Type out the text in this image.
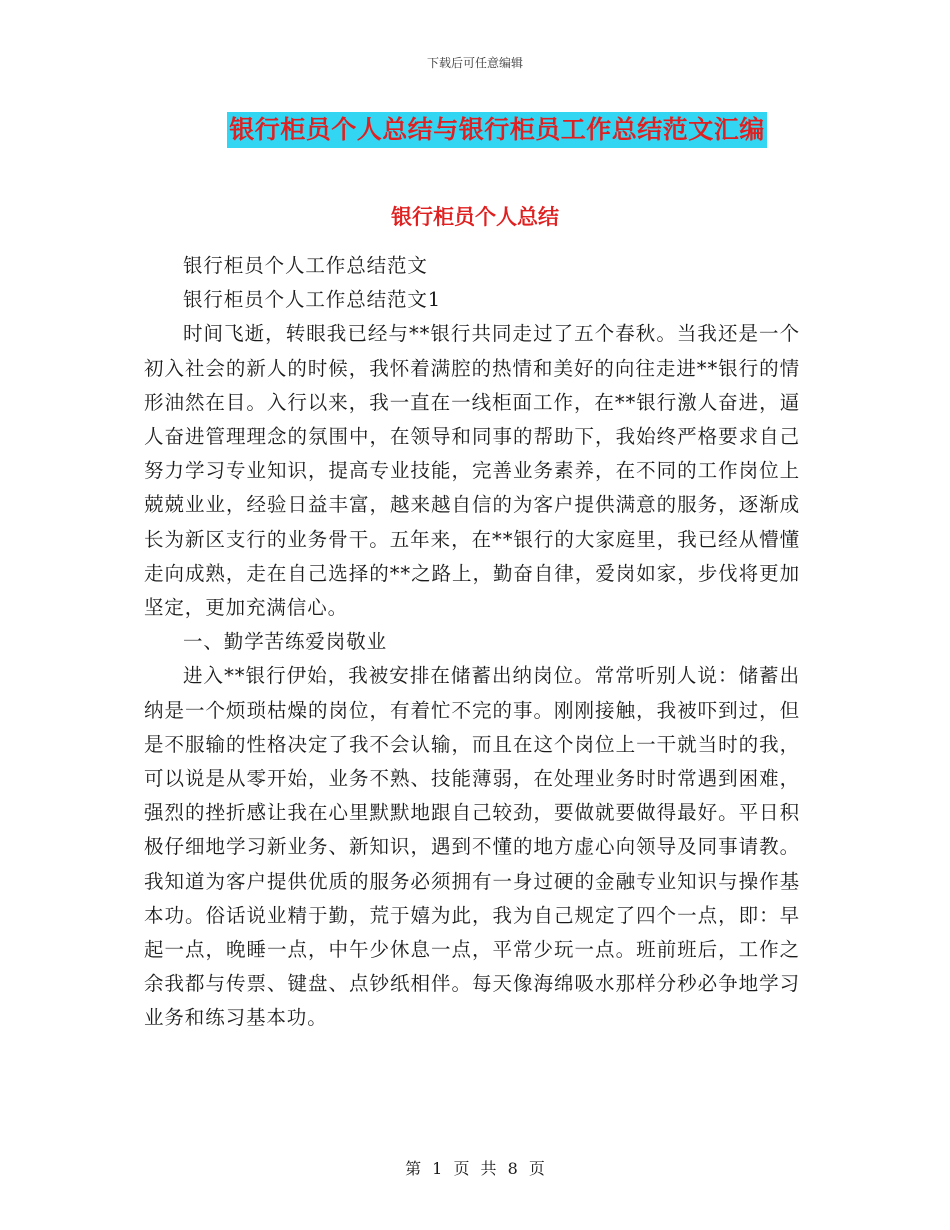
下载后可任意编辑
银行柜员个人总结与银行柜员工作总结范文汇编
银行柜员个人总结

银行柜员个人工作总结范文

银行柜员个人工作总结范文1

时间飞逝，转眼我已经与**银行共同走过了五个春秋。当我还是一个初入社会的新人的时候，我怀着满腔的热情和美好的向往走进**银行的情形油然在目。入行以来，我一直在一线柜面工作，在**银行激人奋进，逼人奋进管理理念的氛围中，在领导和同事的帮助下，我始终严格要求自己努力学习专业知识，提高专业技能，完善业务素养，在不同的工作岗位上兢兢业业，经验日益丰富，越来越自信的为客户提供满意的服务，逐渐成长为新区支行的业务骨干。五年来，在**银行的大家庭里，我已经从懵懂走向成熟，走在自己选择的**之路上，勤奋自律，爱岗如家，步伐将更加坚定，更加充满信心。

一、勤学苦练爱岗敬业

进入**银行伊始，我被安排在储蓄出纳岗位。常常听别人说：储蓄出纳是一个烦琐枯燥的岗位，有着忙不完的事。刚刚接触，我被吓到过，但是不服输的性格决定了我不会认输，而且在这个岗位上一干就当时的我，可以说是从零开始，业务不熟、技能薄弱，在处理业务时时常遇到困难，强烈的挫折感让我在心里默默地跟自己较劲，要做就要做得最好。平日积极仔细地学习新业务、新知识，遇到不懂的地方虚心向领导及同事请教。我知道为客户提供优质的服务必须拥有一身过硬的金融专业知识与操作基本功。俗话说业精于勤，荒于嬉为此，我为自己规定了四个一点，即：早起一点，晚睡一点，中午少休息一点，平常少玩一点。班前班后，工作之余我都与传票、键盘、点钞纸相伴。每天像海绵吸水那样分秒必争地学习业务和练习基本功。

第 1 页 共 8 页
